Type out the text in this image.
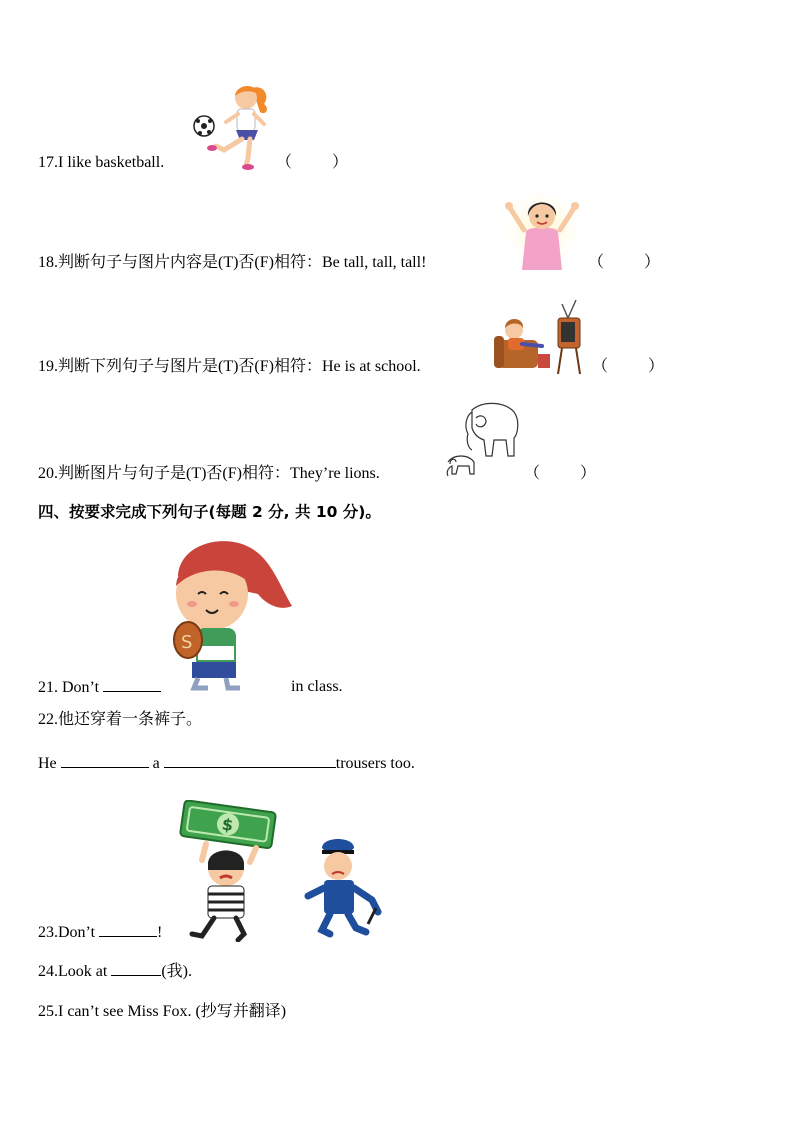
17.I like basketball.	（          ）
18.判断句子与图片内容是(T)否(F)相符：Be tall, tall, tall!	（          ）
19.判断下列句子与图片是(T)否(F)相符：He is at school.	（          ）
20.判断图片与句子是(T)否(F)相符：They’re lions.	（          ）
四、按要求完成下列句子(每题 2 分, 共 10 分)。
S
21. Don’t	in class.
22.他还穿着一条裤子。
He	a	trousers too.
$
23.Don’t	!
24.Look at	(我).
25.I can’t see Miss Fox. (抄写并翻译)
